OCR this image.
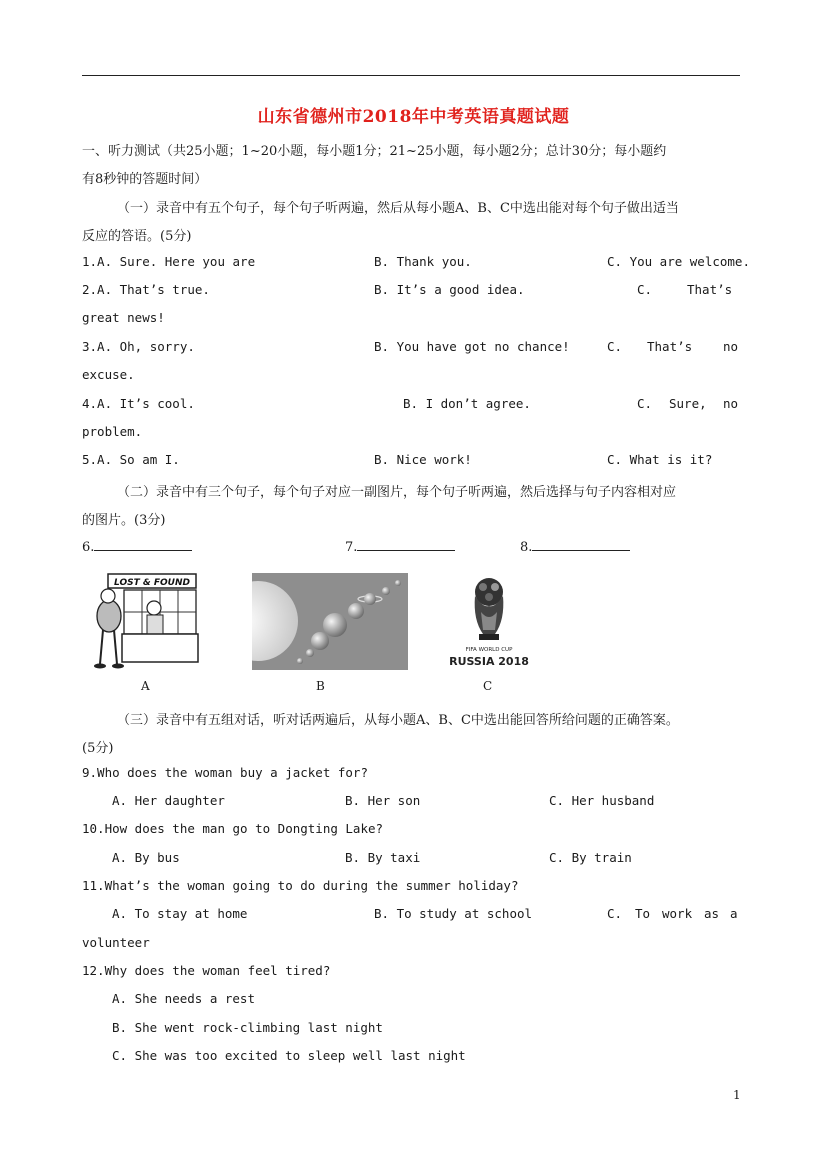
山东省德州市2018年中考英语真题试题
一、听力测试（共25小题；1~20小题，每小题1分；21~25小题，每小题2分；总计30分；每小题约
有8秒钟的答题时间）
（一）录音中有五个句子，每个句子听两遍，然后从每小题A、B、C中选出能对每个句子做出适当
反应的答语。(5分)
1.A. Sure. Here you are	B. Thank you.	C. You are welcome.
2.A. That’s true.	B. It’s a good idea.	C.	That’s
great news!
3.A. Oh, sorry.	B. You have got no chance!	C. That’s no
excuse.
4.A. It’s cool.	B. I don’t agree.	C. Sure, no
problem.
5.A. So am I.	B. Nice work!	C. What is it?
（二）录音中有三个句子，每个句子对应一副图片，每个句子听两遍，然后选择与句子内容相对应
的图片。(3分)
6.	7.	8.
LOST & FOUND
A	B
FIFA WORLD CUP
RUSSIA 2018
C
（三）录音中有五组对话，听对话两遍后，从每小题A、B、C中选出能回答所给问题的正确答案。
(5分)
9.Who does the woman buy a jacket for?
A. Her daughter	B. Her son	C. Her husband
10.How does the man go to Dongting Lake?
A. By bus	B. By taxi	C. By train
11.What’s the woman going to do during the summer holiday?
A. To stay at home	B. To study at school	C. To work as a
volunteer
12.Why does the woman feel tired?
A. She needs a rest
B. She went rock-climbing last night
C. She was too excited to sleep well last night
1
